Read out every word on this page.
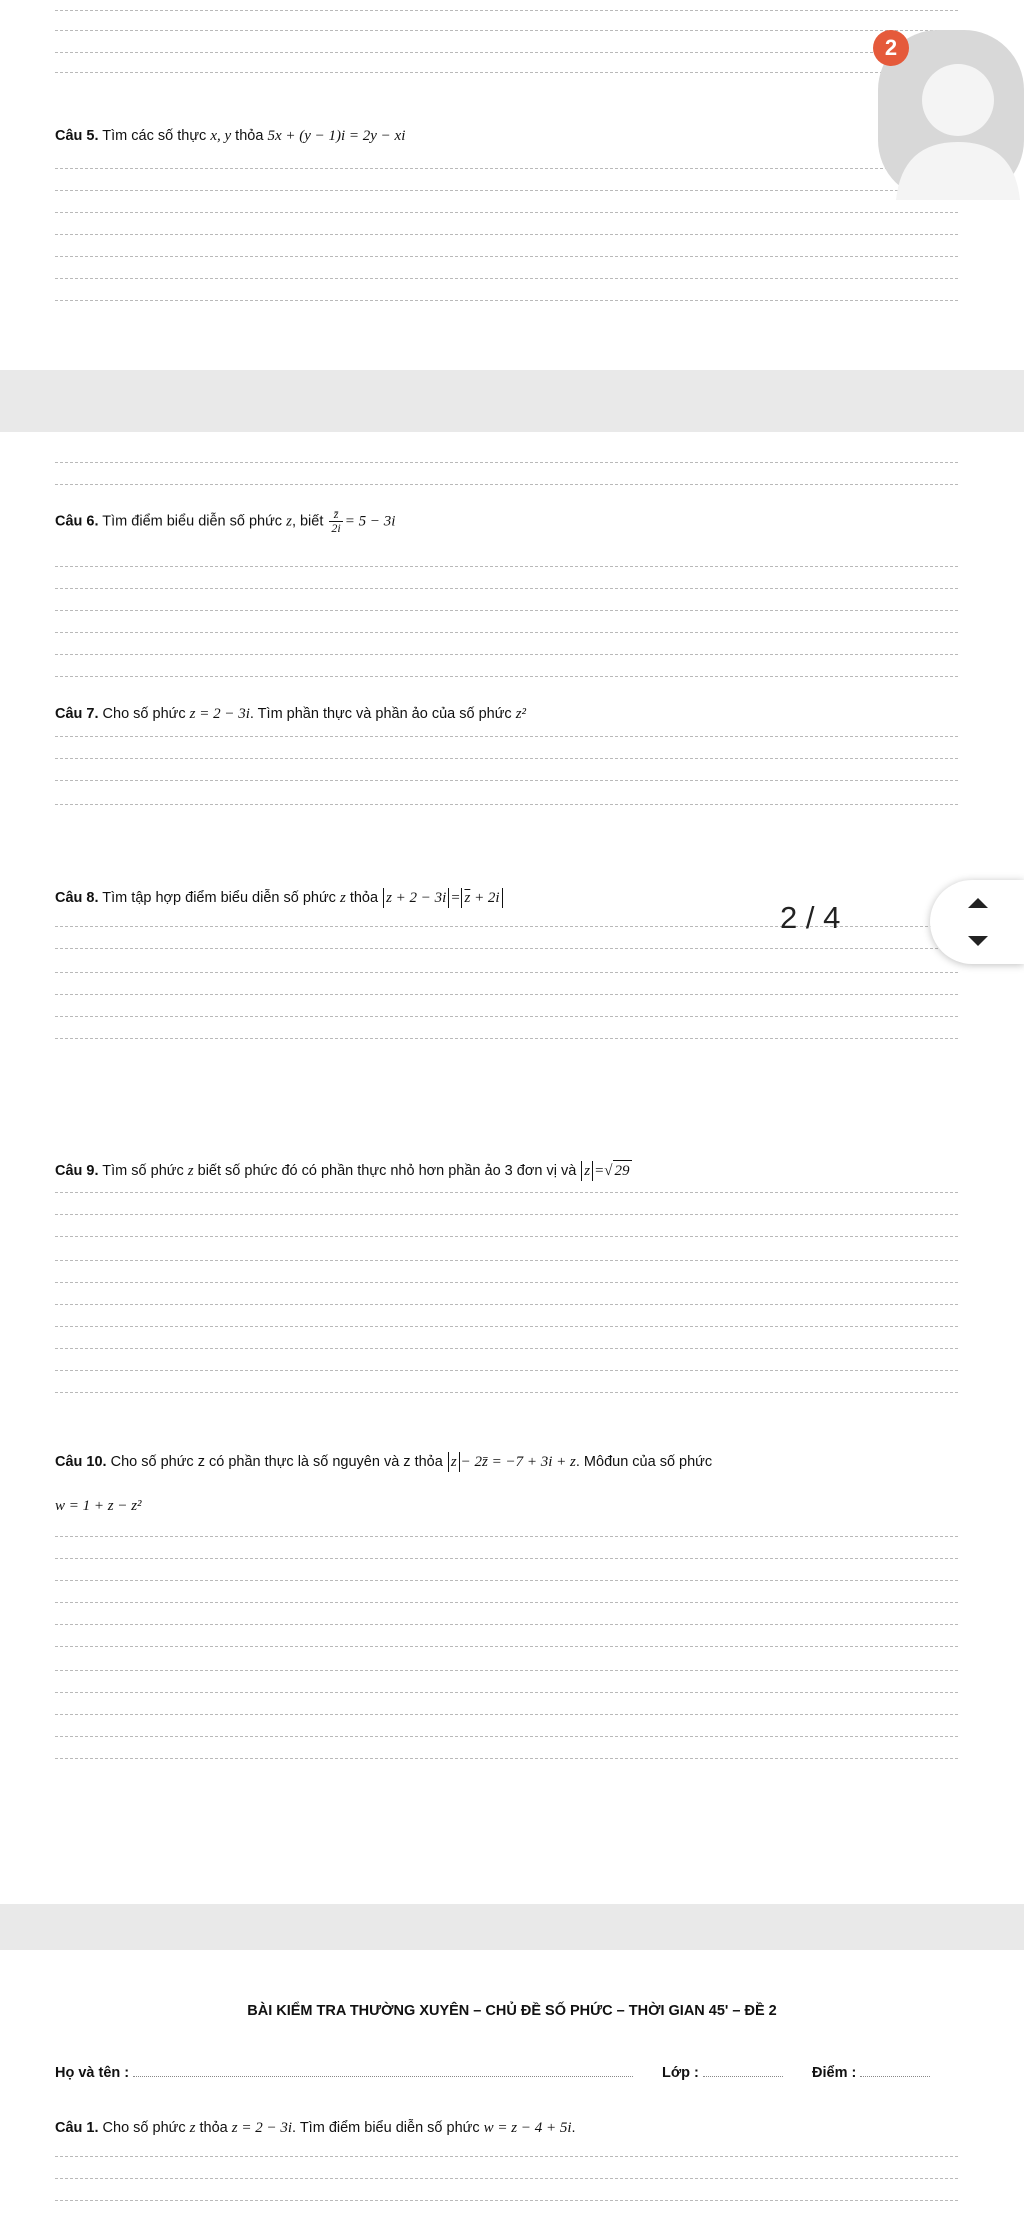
Câu 5. Tìm các số thực x, y thỏa 5x + (y − 1)i = 2y − xi
2
Câu 6. Tìm điểm biểu diễn số phức z, biết $\frac{z̄}{2i} = 5 - 3i$
Câu 7. Cho số phức z = 2 − 3i. Tìm phần thực và phần ảo của số phức z²
Câu 8. Tìm tập hợp điểm biểu diễn số phức z thỏa $z + 2 - 3i = \overline{z} + 2i$
Câu 9. Tìm số phức z biết số phức đó có phần thực nhỏ hơn phần ảo 3 đơn vị và z =√ 29
Câu 10. Cho số phức z có phần thực là số nguyên và z thỏa z − 2z̄ = −7 + 3i + z. Môđun của số phức
w = 1 + z − z²
2 / 4
BÀI KIỂM TRA THƯỜNG XUYÊN – CHỦ ĐỀ SỐ PHỨC – THỜI GIAN 45' – ĐỀ 2
Họ và tên :	Lớp :	Điểm :
Câu 1. Cho số phức z thỏa z = 2 − 3i. Tìm điểm biểu diễn số phức w = z − 4 + 5i.
